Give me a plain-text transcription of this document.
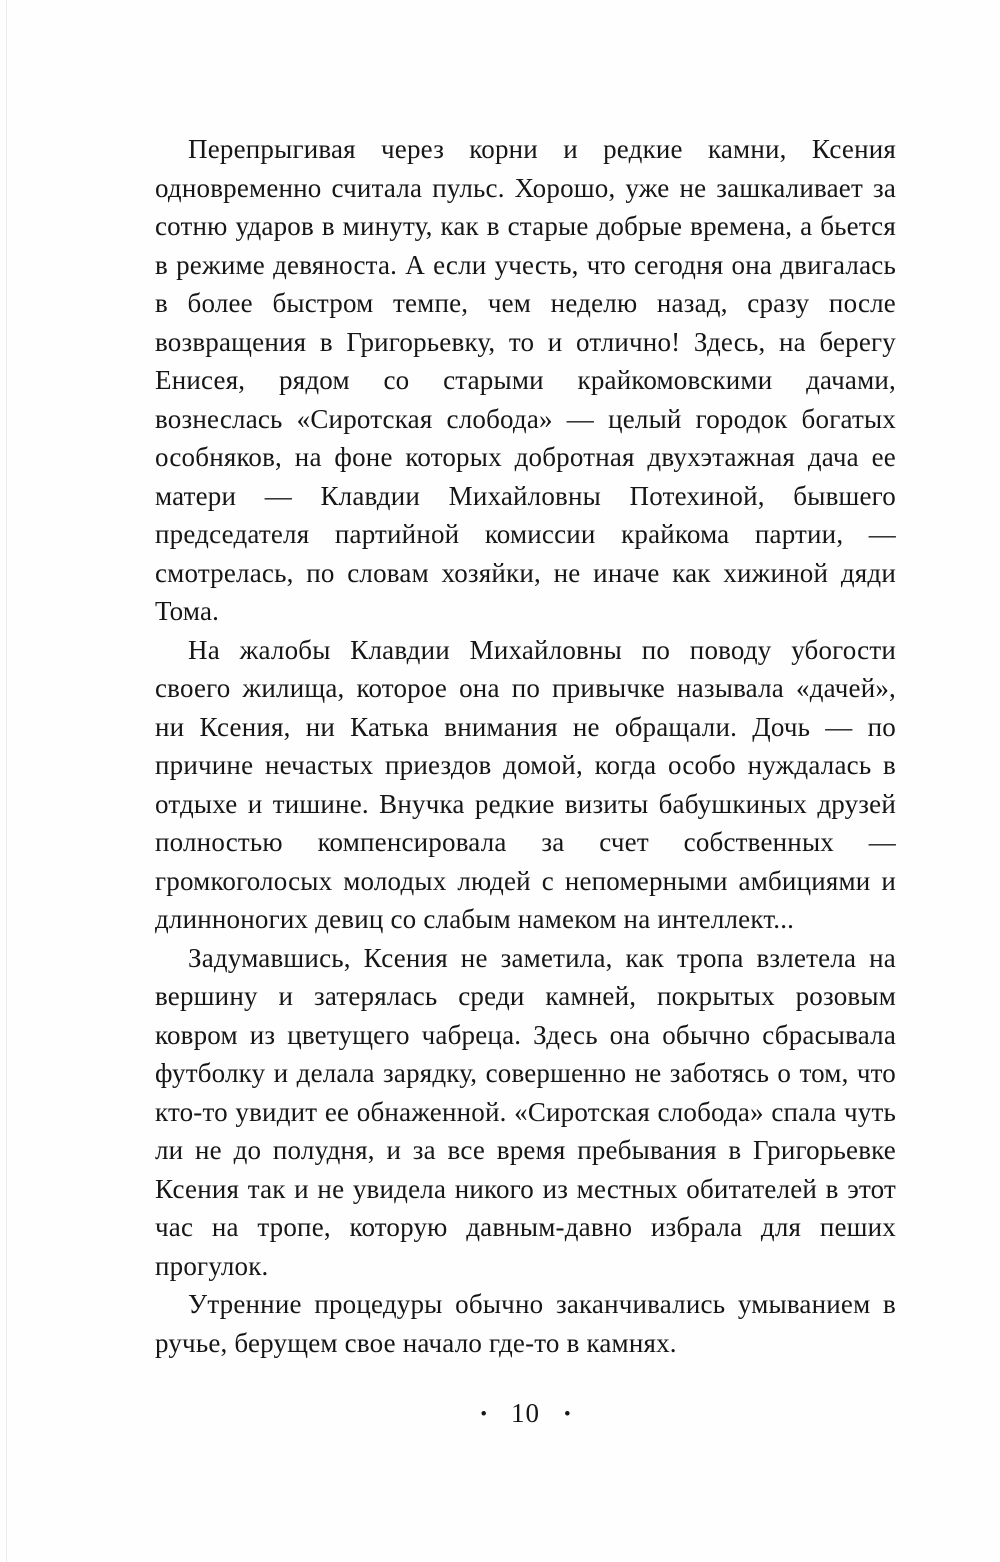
Перепрыгивая через корни и редкие камни, Ксения одновременно считала пульс. Хорошо, уже не зашкаливает за сотню ударов в минуту, как в старые добрые времена, а бьется в режиме девяноста. А если учесть, что сегодня она двигалась в более быстром темпе, чем неделю назад, сразу после возвращения в Григорьевку, то и отлично! Здесь, на берегу Енисея, рядом со старыми крайкомовскими дачами, вознеслась «Сиротская слобода» — целый городок богатых особняков, на фоне которых добротная двухэтажная дача ее матери — Клавдии Михайловны Потехиной, бывшего председателя партийной комиссии крайкома партии, — смотрелась, по словам хозяйки, не иначе как хижиной дяди Тома.

На жалобы Клавдии Михайловны по поводу убогости своего жилища, которое она по привычке называла «дачей», ни Ксения, ни Катька внимания не обращали. Дочь — по причине нечастых приездов домой, когда особо нуждалась в отдыхе и тишине. Внучка редкие визиты бабушкиных друзей полностью компенсировала за счет собственных — громкоголосых молодых людей с непомерными амбициями и длинноногих девиц со слабым намеком на интеллект...

Задумавшись, Ксения не заметила, как тропа взлетела на вершину и затерялась среди камней, покрытых розовым ковром из цветущего чабреца. Здесь она обычно сбрасывала футболку и делала зарядку, совершенно не заботясь о том, что кто-то увидит ее обнаженной. «Сиротская слобода» спала чуть ли не до полудня, и за все время пребывания в Григорьевке Ксения так и не увидела никого из местных обитателей в этот час на тропе, которую давным-давно избрала для пеших прогулок.

Утренние процедуры обычно заканчивались умыванием в ручье, берущем свое начало где-то в камнях.

• 10 •
